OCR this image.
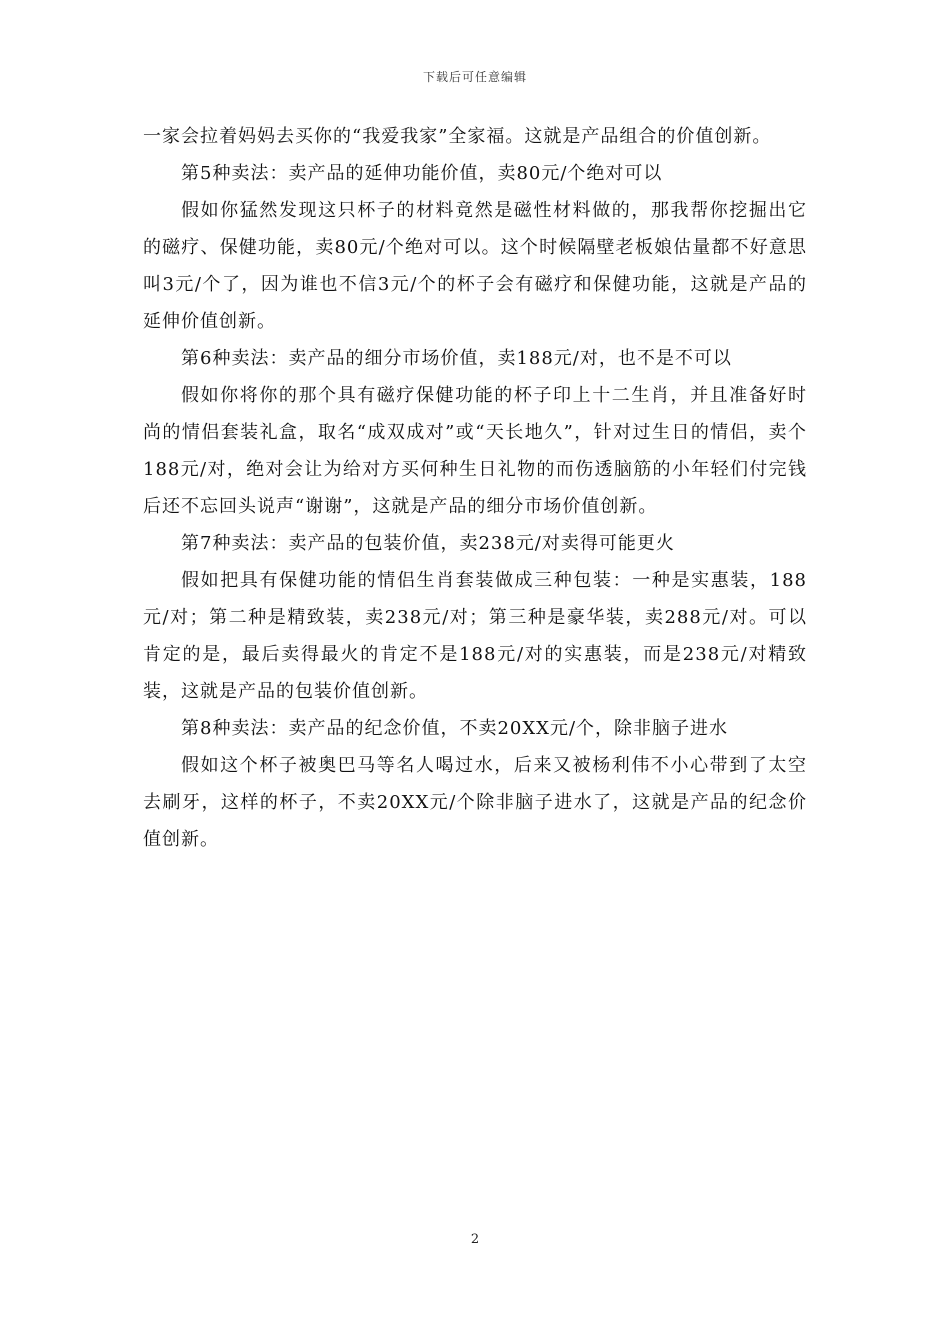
下载后可任意编辑

一家会拉着妈妈去买你的“我爱我家”全家福。这就是产品组合的价值创新。

第5种卖法：卖产品的延伸功能价值，卖80元/个绝对可以

假如你猛然发现这只杯子的材料竟然是磁性材料做的，那我帮你挖掘出它的磁疗、保健功能，卖80元/个绝对可以。这个时候隔壁老板娘估量都不好意思叫3元/个了，因为谁也不信3元/个的杯子会有磁疗和保健功能，这就是产品的延伸价值创新。

第6种卖法：卖产品的细分市场价值，卖188元/对，也不是不可以

假如你将你的那个具有磁疗保健功能的杯子印上十二生肖，并且准备好时尚的情侣套装礼盒，取名“成双成对”或“天长地久”，针对过生日的情侣，卖个188元/对，绝对会让为给对方买何种生日礼物的而伤透脑筋的小年轻们付完钱后还不忘回头说声“谢谢”，这就是产品的细分市场价值创新。

第7种卖法：卖产品的包装价值，卖238元/对卖得可能更火

假如把具有保健功能的情侣生肖套装做成三种包装：一种是实惠装，188元/对；第二种是精致装，卖238元/对；第三种是豪华装，卖288元/对。可以肯定的是，最后卖得最火的肯定不是188元/对的实惠装，而是238元/对精致装，这就是产品的包装价值创新。

第8种卖法：卖产品的纪念价值，不卖20XX元/个，除非脑子进水

假如这个杯子被奥巴马等名人喝过水，后来又被杨利伟不小心带到了太空去刷牙，这样的杯子，不卖20XX元/个除非脑子进水了，这就是产品的纪念价值创新。

2
